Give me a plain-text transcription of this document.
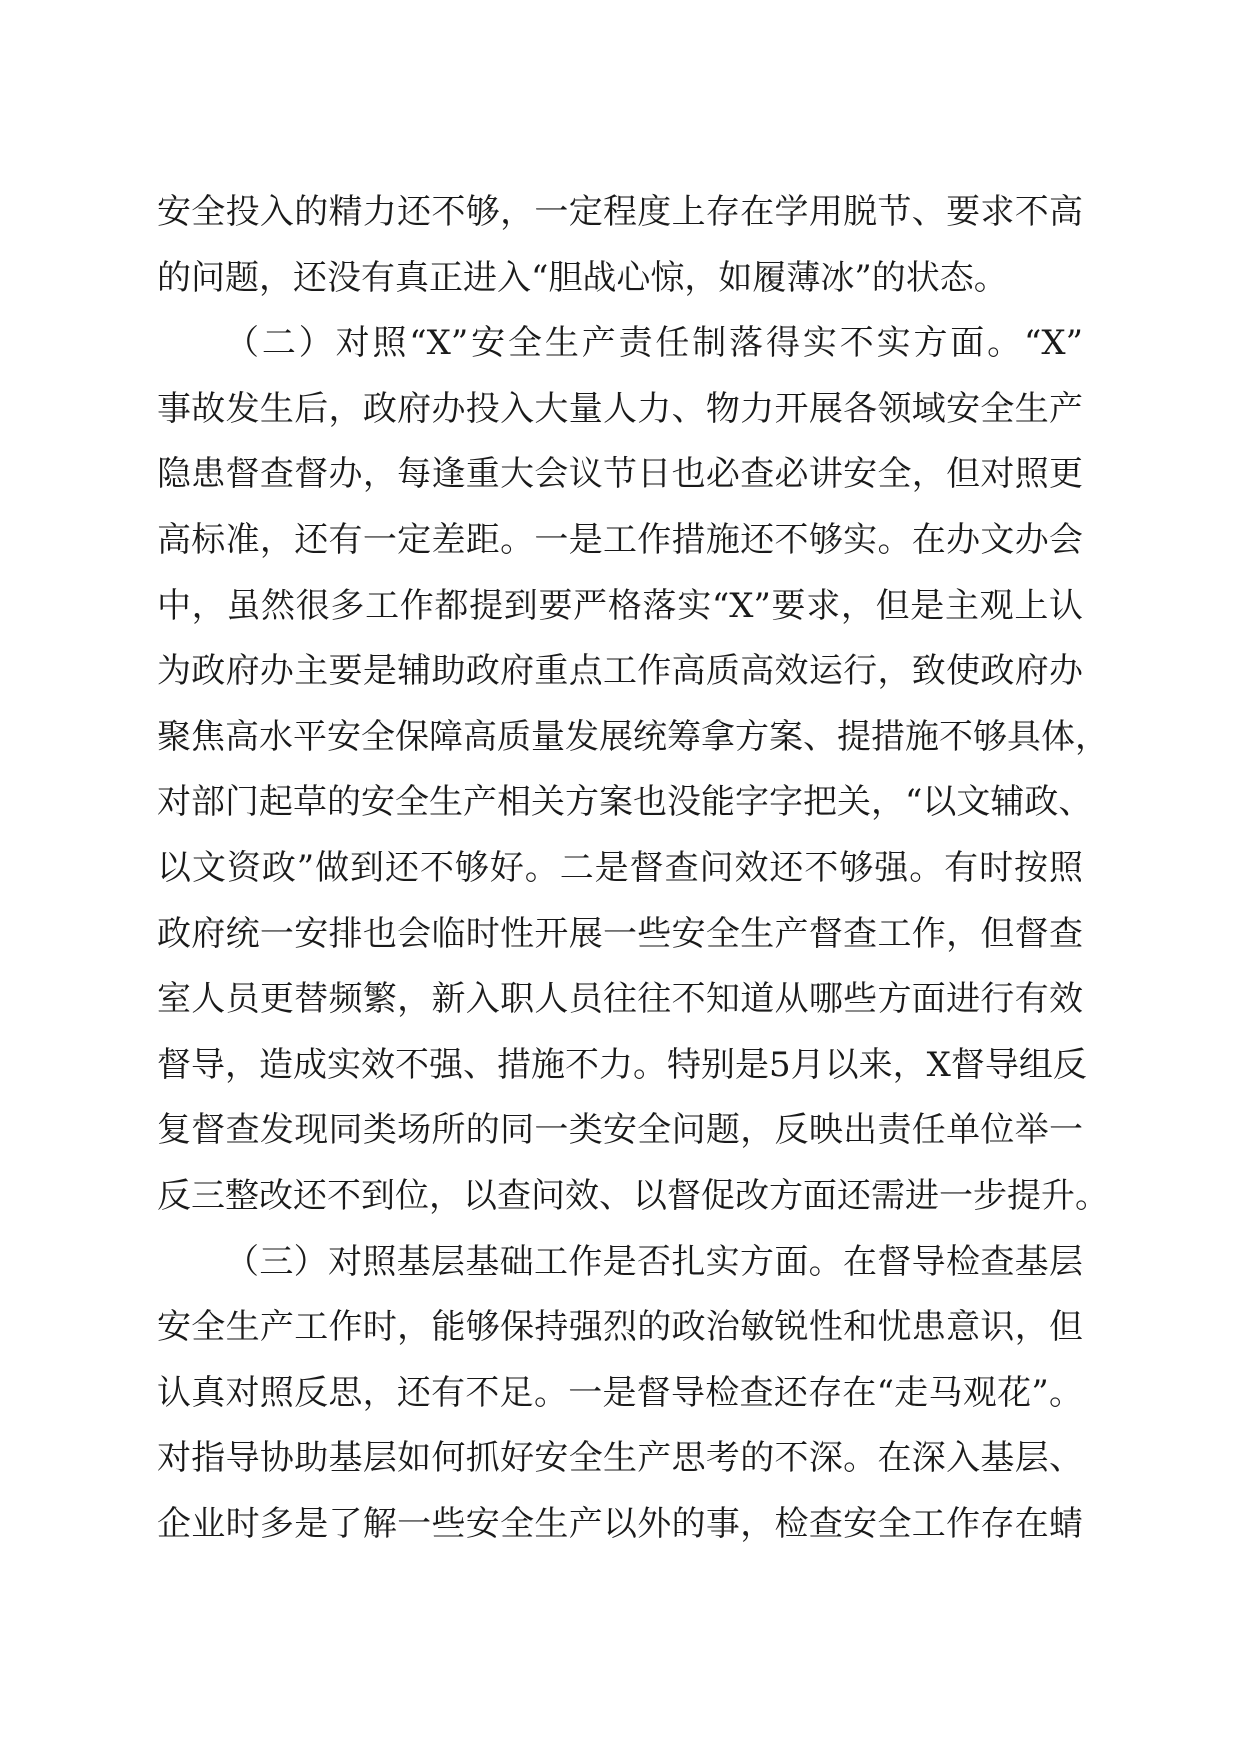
安全投入的精力还不够，一定程度上存在学用脱节、要求不高
的问题，还没有真正进入“胆战心惊，如履薄冰”的状态。
（二）对照“X”安全生产责任制落得实不实方面。“X”
事故发生后，政府办投入大量人力、物力开展各领域安全生产
隐患督查督办，每逢重大会议节日也必查必讲安全，但对照更
高标准，还有一定差距。一是工作措施还不够实。在办文办会
中，虽然很多工作都提到要严格落实“X”要求，但是主观上认
为政府办主要是辅助政府重点工作高质高效运行，致使政府办
聚焦高水平安全保障高质量发展统筹拿方案、提措施不够具体，
对部门起草的安全生产相关方案也没能字字把关，“以文辅政、
以文资政”做到还不够好。二是督查问效还不够强。有时按照
政府统一安排也会临时性开展一些安全生产督查工作，但督查
室人员更替频繁，新入职人员往往不知道从哪些方面进行有效
督导，造成实效不强、措施不力。特别是5月以来，X督导组反
复督查发现同类场所的同一类安全问题，反映出责任单位举一
反三整改还不到位，以查问效、以督促改方面还需进一步提升。
（三）对照基层基础工作是否扎实方面。在督导检查基层
安全生产工作时，能够保持强烈的政治敏锐性和忧患意识，但
认真对照反思，还有不足。一是督导检查还存在“走马观花”。
对指导协助基层如何抓好安全生产思考的不深。在深入基层、
企业时多是了解一些安全生产以外的事，检查安全工作存在蜻
